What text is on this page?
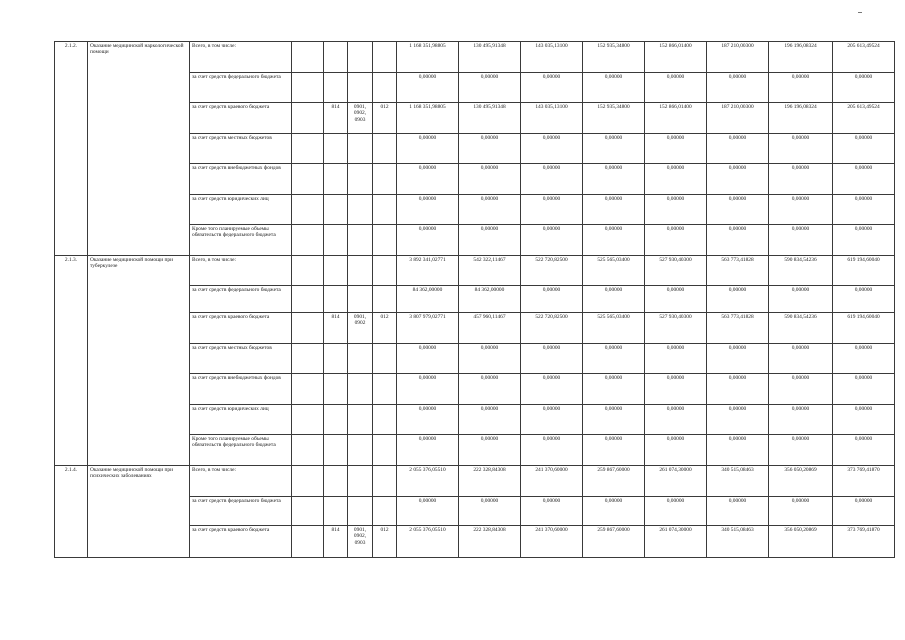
2.1.2.	Оказание медицинской наркологической помощи	Всего, в том числе:					1 168 351,98805	130 495,91348	143 035,13100	152 935,34800	152 866,01400	187 210,00300	196 196,08324	205 613,49524
		за счет средств федерального бюджета					0,00000	0,00000	0,00000	0,00000	0,00000	0,00000	0,00000	0,00000
		за счет средств краевого бюджета		814	0901, 0902, 0903	012	1 168 351,98805	130 495,91348	143 035,13100	152 935,34800	152 866,01400	187 210,00300	196 196,08324	205 613,49524
		за счет средств местных бюджетов					0,00000	0,00000	0,00000	0,00000	0,00000	0,00000	0,00000	0,00000
		за счет средств внебюджетных фондов					0,00000	0,00000	0,00000	0,00000	0,00000	0,00000	0,00000	0,00000
		за счет средств юридических лиц					0,00000	0,00000	0,00000	0,00000	0,00000	0,00000	0,00000	0,00000
		Кроме того планируемые объемы обязательств федерального бюджета					0,00000	0,00000	0,00000	0,00000	0,00000	0,00000	0,00000	0,00000
2.1.3.	Оказание медицинской помощи при туберкулезе	Всего, в том числе:					3 892 341,02771	542 322,11467	522 720,82500	525 565,03400	527 930,40300	563 773,41828	590 834,54236	619 194,60040
		за счет средств федерального бюджета					84 362,00000	84 362,00000	0,00000	0,00000	0,00000	0,00000	0,00000	0,00000
		за счет средств краевого бюджета		814	0901, 0902	012	3 807 979,02771	457 960,11467	522 720,82500	525 565,03400	527 930,40300	563 773,41828	590 834,54236	619 194,60040
		за счет средств местных бюджетов					0,00000	0,00000	0,00000	0,00000	0,00000	0,00000	0,00000	0,00000
		за счет средств внебюджетных фондов					0,00000	0,00000	0,00000	0,00000	0,00000	0,00000	0,00000	0,00000
		за счет средств юридических лиц					0,00000	0,00000	0,00000	0,00000	0,00000	0,00000	0,00000	0,00000
		Кроме того планируемые объемы обязательств федерального бюджета					0,00000	0,00000	0,00000	0,00000	0,00000	0,00000	0,00000	0,00000
2.1.4.	Оказание медицинской помощи при психических заболеваниях	Всего, в том числе:					2 055 376,05510	222 328,84308	241 370,60000	259 867,60000	261 074,30000	340 515,08463	356 050,20869	373 769,41870
		за счет средств федерального бюджета					0,00000	0,00000	0,00000	0,00000	0,00000	0,00000	0,00000	0,00000
		за счет средств краевого бюджета		814	0901, 0902, 0903	012	2 055 376,05510	222 328,84308	241 370,60000	259 867,60000	261 074,30000	340 515,08463	356 050,20869	373 769,41870
